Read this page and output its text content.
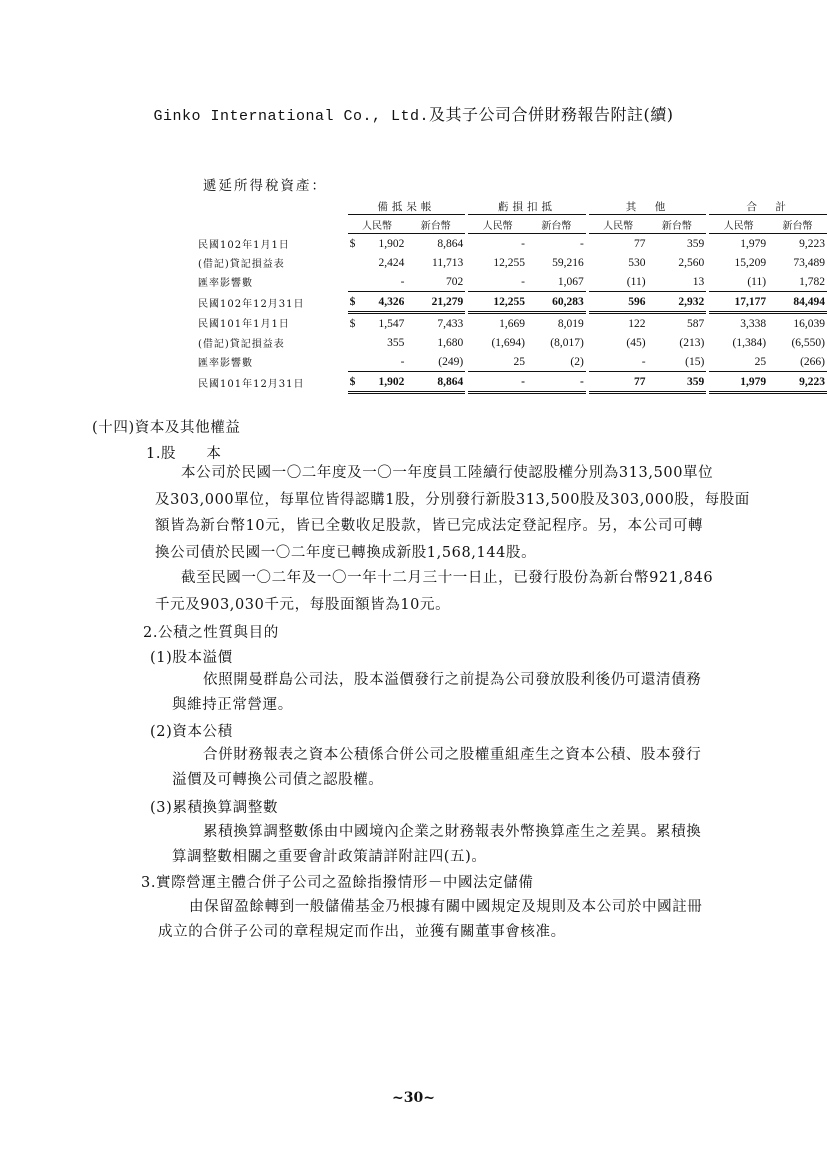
Ginko International Co., Ltd.及其子公司合併財務報告附註(續)
遞延所得稅資產：
	備抵呆帳			虧損扣抵			其　他			合　計	
	人民幣	新台幣		人民幣	新台幣		人民幣	新台幣		人民幣	新台幣
民國102年1月1日	$ 1,902	8,864		-	-		77	359		1,979	9,223
(借記)貸記損益表	2,424	11,713		12,255	59,216		530	2,560		15,209	73,489
匯率影響數	-	702		-	1,067		(11)	13		(11)	1,782
民國102年12月31日	$ 4,326	21,279		12,255	60,283		596	2,932		17,177	84,494
民國101年1月1日	$ 1,547	7,433		1,669	8,019		122	587		3,338	16,039
(借記)貸記損益表	355	1,680		(1,694)	(8,017)		(45)	(213)		(1,384)	(6,550)
匯率影響數	-	(249)		25	(2)		-	(15)		25	(266)
民國101年12月31日	$ 1,902	8,864		-	-		77	359		1,979	9,223
(十四)資本及其他權益
1.股　　本
本公司於民國一〇二年度及一〇一年度員工陸續行使認股權分別為313,500單位
及303,000單位，每單位皆得認購1股，分別發行新股313,500股及303,000股，每股面
額皆為新台幣10元，皆已全數收足股款，皆已完成法定登記程序。另，本公司可轉
換公司債於民國一〇二年度已轉換成新股1,568,144股。
截至民國一〇二年及一〇一年十二月三十一日止，已發行股份為新台幣921,846
千元及903,030千元，每股面額皆為10元。
2.公積之性質與目的
(1)股本溢價
依照開曼群島公司法，股本溢價發行之前提為公司發放股利後仍可還清債務
與維持正常營運。
(2)資本公積
合併財務報表之資本公積係合併公司之股權重組產生之資本公積、股本發行
溢價及可轉換公司債之認股權。
(3)累積換算調整數
累積換算調整數係由中國境內企業之財務報表外幣換算產生之差異。累積換
算調整數相關之重要會計政策請詳附註四(五)。
3.實際營運主體合併子公司之盈餘指撥情形－中國法定儲備
由保留盈餘轉到一般儲備基金乃根據有關中國規定及規則及本公司於中國註冊
成立的合併子公司的章程規定而作出，並獲有關董事會核准。
~30~
